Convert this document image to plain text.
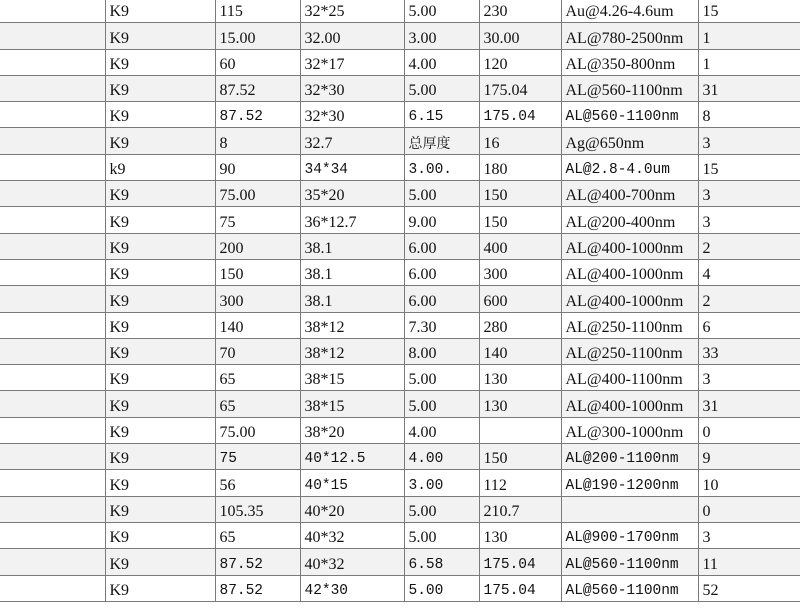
	K9	115	32*25	5.00	230	Au@4.26-4.6um	15
	K9	15.00	32.00	3.00	30.00	AL@780-2500nm	1
	K9	60	32*17	4.00	120	AL@350-800nm	1
	K9	87.52	32*30	5.00	175.04	AL@560-1100nm	31
	K9	87.52	32*30	6.15	175.04	AL@560-1100nm	8
	K9	8	32.7	总厚度	16	Ag@650nm	3
	k9	90	34*34	3.00.	180	AL@2.8-4.0um	15
	K9	75.00	35*20	5.00	150	AL@400-700nm	3
	K9	75	36*12.7	9.00	150	AL@200-400nm	3
	K9	200	38.1	6.00	400	AL@400-1000nm	2
	K9	150	38.1	6.00	300	AL@400-1000nm	4
	K9	300	38.1	6.00	600	AL@400-1000nm	2
	K9	140	38*12	7.30	280	AL@250-1100nm	6
	K9	70	38*12	8.00	140	AL@250-1100nm	33
	K9	65	38*15	5.00	130	AL@400-1100nm	3
	K9	65	38*15	5.00	130	AL@400-1000nm	31
	K9	75.00	38*20	4.00		AL@300-1000nm	0
	K9	75	40*12.5	4.00	150	AL@200-1100nm	9
	K9	56	40*15	3.00	112	AL@190-1200nm	10
	K9	105.35	40*20	5.00	210.7		0
	K9	65	40*32	5.00	130	AL@900-1700nm	3
	K9	87.52	40*32	6.58	175.04	AL@560-1100nm	11
	K9	87.52	42*30	5.00	175.04	AL@560-1100nm	52
